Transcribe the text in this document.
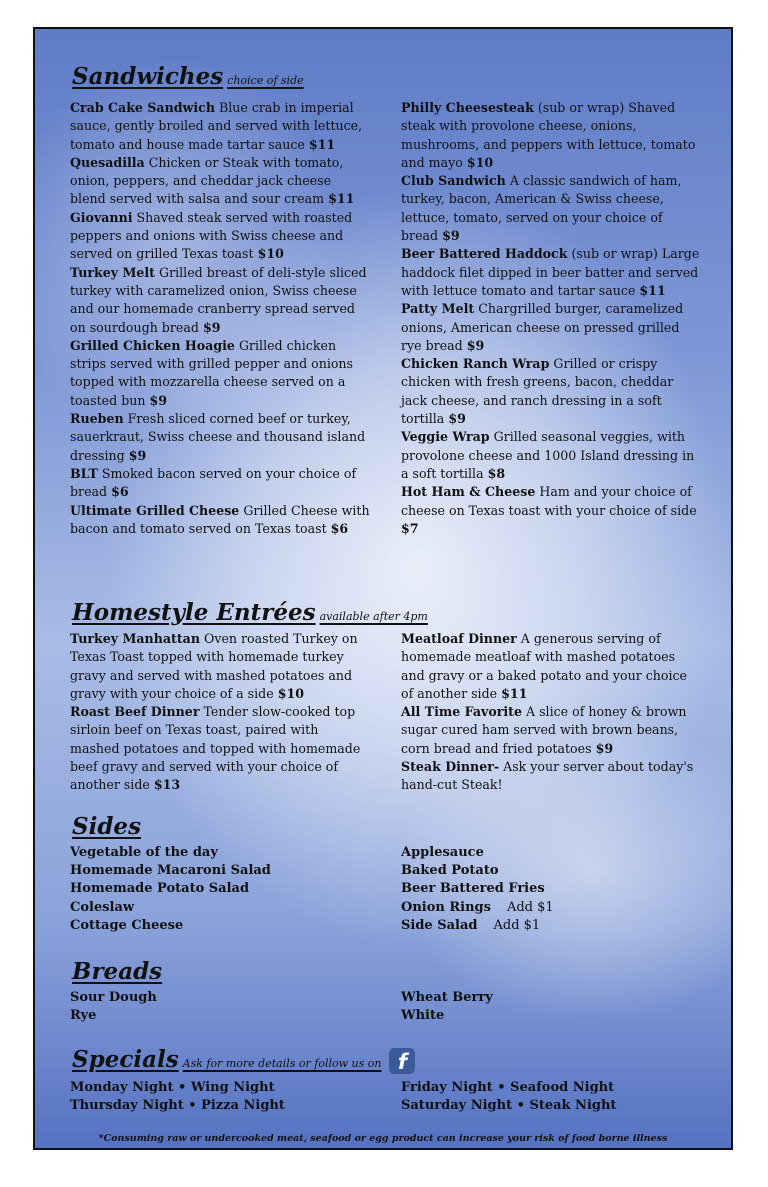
Sandwiches choice of side

Crab Cake Sandwich Blue crab in imperial sauce, gently broiled and served with lettuce, tomato and house made tartar sauce $11

Quesadilla Chicken or Steak with tomato, onion, peppers, and cheddar jack cheese blend served with salsa and sour cream $11

Giovanni Shaved steak served with roasted peppers and onions with Swiss cheese and served on grilled Texas toast $10

Turkey Melt Grilled breast of deli-style sliced turkey with caramelized onion, Swiss cheese and our homemade cranberry spread served on sourdough bread $9

Grilled Chicken Hoagie Grilled chicken strips served with grilled pepper and onions topped with mozzarella cheese served on a toasted bun $9

Rueben Fresh sliced corned beef or turkey, sauerkraut, Swiss cheese and thousand island dressing $9

BLT Smoked bacon served on your choice of bread $6

Ultimate Grilled Cheese Grilled Cheese with bacon and tomato served on Texas toast $6

Philly Cheesesteak (sub or wrap) Shaved steak with provolone cheese, onions, mushrooms, and peppers with lettuce, tomato and mayo $10

Club Sandwich A classic sandwich of ham, turkey, bacon, American & Swiss cheese, lettuce, tomato, served on your choice of bread $9

Beer Battered Haddock (sub or wrap) Large haddock filet dipped in beer batter and served with lettuce tomato and tartar sauce $11

Patty Melt Chargrilled burger, caramelized onions, American cheese on pressed grilled rye bread $9

Chicken Ranch Wrap Grilled or crispy chicken with fresh greens, bacon, cheddar jack cheese, and ranch dressing in a soft tortilla $9

Veggie Wrap Grilled seasonal veggies, with provolone cheese and 1000 Island dressing in a soft tortilla $8

Hot Ham & Cheese Ham and your choice of cheese on Texas toast with your choice of side $7

Homestyle Entrées available after 4pm

Turkey Manhattan Oven roasted Turkey on Texas Toast topped with homemade turkey gravy and served with mashed potatoes and gravy with your choice of a side $10

Roast Beef Dinner Tender slow-cooked top sirloin beef on Texas toast, paired with mashed potatoes and topped with homemade beef gravy and served with your choice of another side $13

Meatloaf Dinner A generous serving of homemade meatloaf with mashed potatoes and gravy or a baked potato and your choice of another side $11

All Time Favorite A slice of honey & brown sugar cured ham served with brown beans, corn bread and fried potatoes $9

Steak Dinner- Ask your server about today's hand-cut Steak!

Sides
Vegetable of the day
Homemade Macaroni Salad
Homemade Potato Salad
Coleslaw
Cottage Cheese
Applesauce
Baked Potato
Beer Battered Fries
Onion Rings Add $1
Side Salad Add $1
Breads
Sour Dough
Rye
Wheat Berry
White
Specials Ask for more details or follow us on f
Monday Night • Wing Night
Thursday Night • Pizza Night
Friday Night • Seafood Night
Saturday Night • Steak Night
*Consuming raw or undercooked meat, seafood or egg product can increase your risk of food borne illness
